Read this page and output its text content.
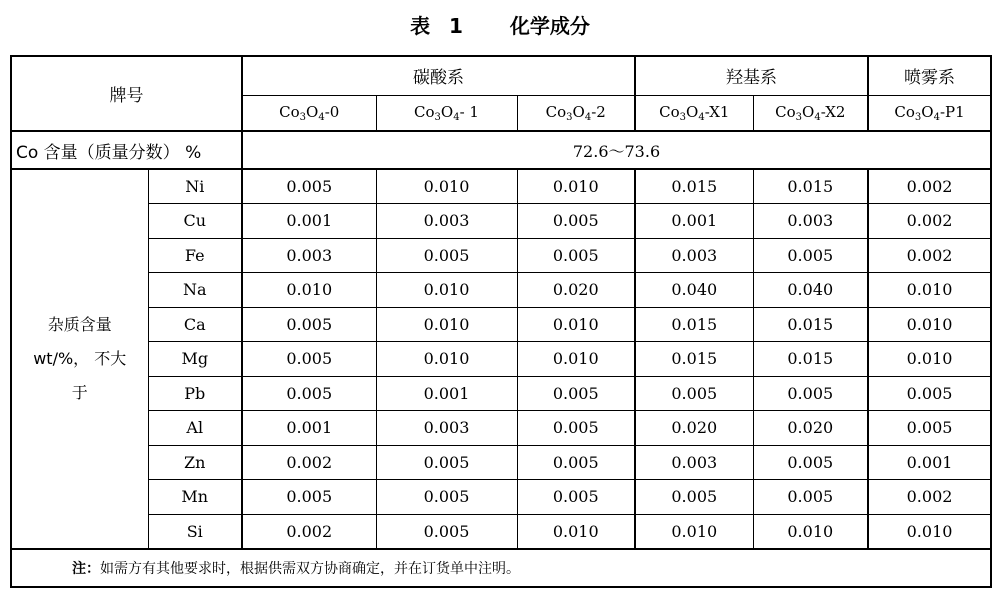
表 1 化学成分
牌号		碳酸系			羟基系		喷雾系
		$Co_3O_4-0$	$Co_3O_4-$ 1	$Co_3O_4-2$	$Co_3O_4-X1$	$Co_3O_4-X2$	$Co_3O_4-P1$
Co 含量（质量分数） %		72.6～73.6					

杂质含量
wt/%， 不大
于	Ni	0.005	0.010	0.010	0.015	0.015	0.002
	Cu	0.001	0.003	0.005	0.001	0.003	0.002
	Fe	0.003	0.005	0.005	0.003	0.005	0.002
	Na	0.010	0.010	0.020	0.040	0.040	0.010
	Ca	0.005	0.010	0.010	0.015	0.015	0.010
	Mg	0.005	0.010	0.010	0.015	0.015	0.010
	Pb	0.005	0.001	0.005	0.005	0.005	0.005
	Al	0.001	0.003	0.005	0.020	0.020	0.005
	Zn	0.002	0.005	0.005	0.003	0.005	0.001
	Mn	0.005	0.005	0.005	0.005	0.005	0.002
	Si	0.002	0.005	0.010	0.010	0.010	0.010
注：如需方有其他要求时，根据供需双方协商确定，并在订货单中注明。							
